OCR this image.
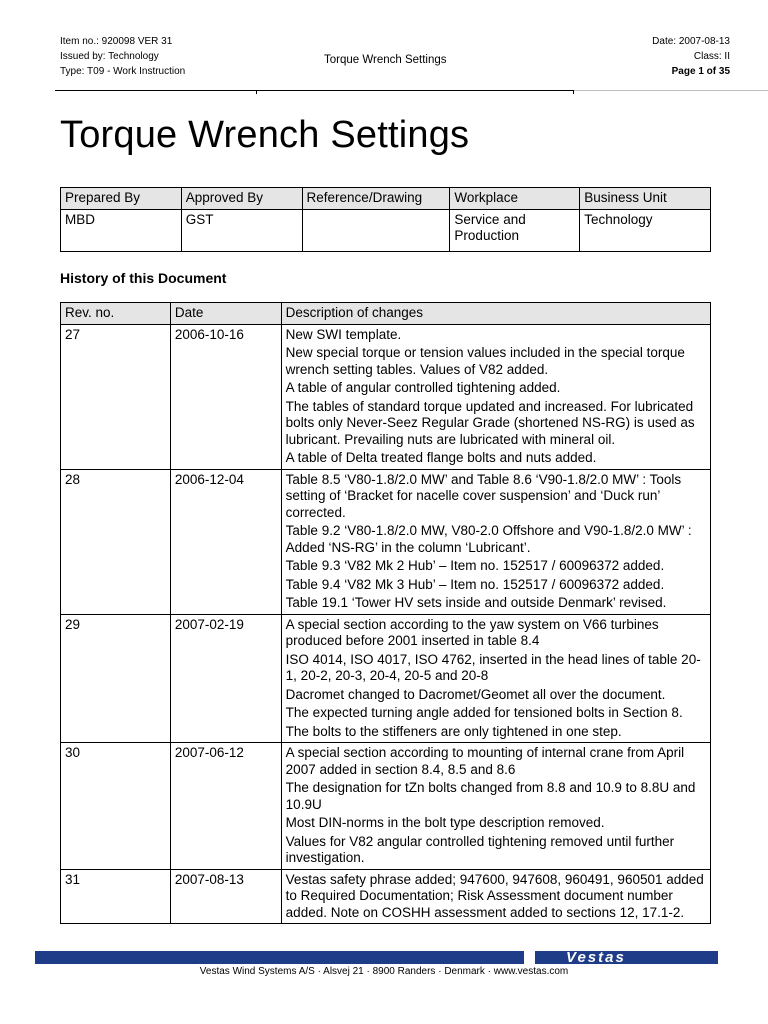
Item no.: 920098 VER 31
Issued by: Technology
Type: T09 - Work Instruction
Torque Wrench Settings
Date: 2007-08-13
Class: II
Page 1 of 35
Torque Wrench Settings
Prepared By	Approved By	Reference/Drawing	Workplace	Business Unit
MBD	GST		Service and Production	Technology
History of this Document
Rev. no.	Date	Description of changes
27	2006-10-16	New SWI template.

New special torque or tension values included in the special torque wrench setting tables. Values of V82 added.

A table of angular controlled tightening added.

The tables of standard torque updated and increased. For lubricated bolts only Never-Seez Regular Grade (shortened NS-RG) is used as lubricant. Prevailing nuts are lubricated with mineral oil.

A table of Delta treated flange bolts and nuts added.

28	2006-12-04	Table 8.5 ‘V80-1.8/2.0 MW’ and Table 8.6 ‘V90-1.8/2.0 MW’ : Tools setting of ‘Bracket for nacelle cover suspension’ and ‘Duck run’ corrected.

Table 9.2 ‘V80-1.8/2.0 MW, V80-2.0 Offshore and V90-1.8/2.0 MW’ : Added ‘NS-RG’ in the column ‘Lubricant’.

Table 9.3 ‘V82 Mk 2 Hub’ – Item no. 152517 / 60096372 added.

Table 9.4 ‘V82 Mk 3 Hub’ – Item no. 152517 / 60096372 added.

Table 19.1 ‘Tower HV sets inside and outside Denmark’ revised.

29	2007-02-19	A special section according to the yaw system on V66 turbines produced before 2001 inserted in table 8.4

ISO 4014, ISO 4017, ISO 4762, inserted in the head lines of table 20-1, 20-2, 20-3, 20-4, 20-5 and 20-8

Dacromet changed to Dacromet/Geomet all over the document.

The expected turning angle added for tensioned bolts in Section 8.

The bolts to the stiffeners are only tightened in one step.

30	2007-06-12	A special section according to mounting of internal crane from April 2007 added in section 8.4, 8.5 and 8.6

The designation for tZn bolts changed from 8.8 and 10.9 to 8.8U and 10.9U

Most DIN-norms in the bolt type description removed.

Values for V82 angular controlled tightening removed until further investigation.

31	2007-08-13	Vestas safety phrase added; 947600, 947608, 960491, 960501 added to Required Documentation; Risk Assessment document number added. Note on COSHH assessment added to sections 12, 17.1-2.

Vestas
Vestas Wind Systems A/S · Alsvej 21 · 8900 Randers · Denmark · www.vestas.com
